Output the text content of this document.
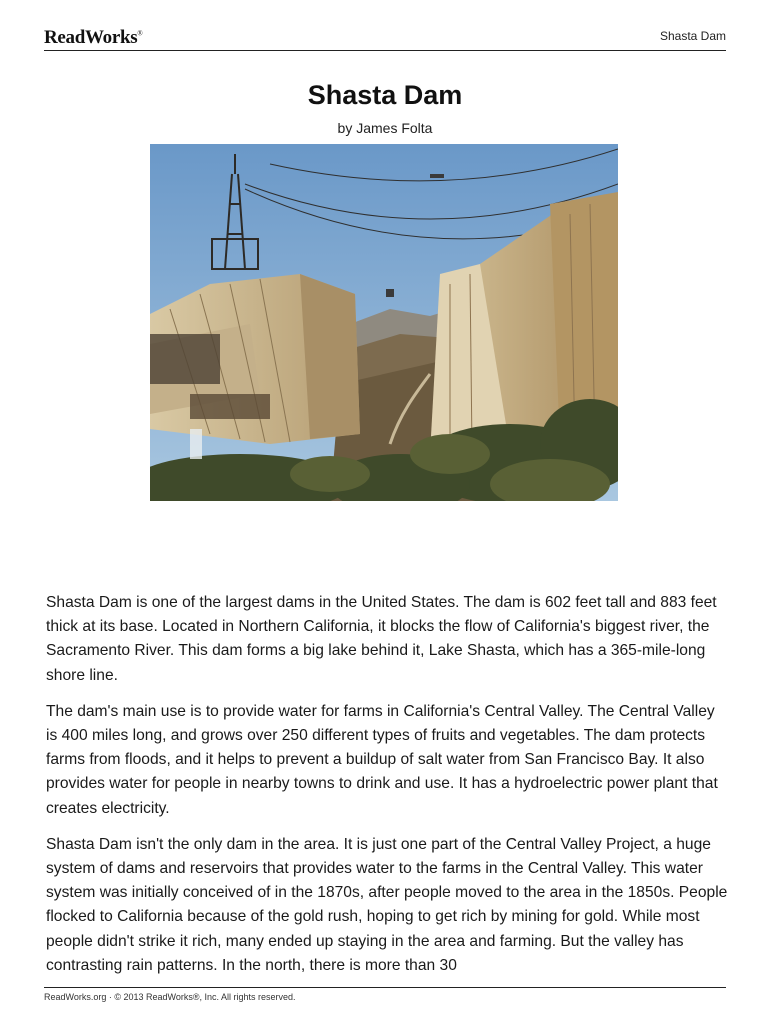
ReadWorks®	Shasta Dam
Shasta Dam
by James Folta

Shasta Dam is one of the largest dams in the United States. The dam is 602 feet tall and 883 feet thick at its base. Located in Northern California, it blocks the flow of California's biggest river, the Sacramento River. This dam forms a big lake behind it, Lake Shasta, which has a 365-mile-long shore line.

The dam's main use is to provide water for farms in California's Central Valley. The Central Valley is 400 miles long, and grows over 250 different types of fruits and vegetables. The dam protects farms from floods, and it helps to prevent a buildup of salt water from San Francisco Bay. It also provides water for people in nearby towns to drink and use. It has a hydroelectric power plant that creates electricity.

Shasta Dam isn't the only dam in the area. It is just one part of the Central Valley Project, a huge system of dams and reservoirs that provides water to the farms in the Central Valley. This water system was initially conceived of in the 1870s, after people moved to the area in the 1850s. People flocked to California because of the gold rush, hoping to get rich by mining for gold. While most people didn't strike it rich, many ended up staying in the area and farming. But the valley has contrasting rain patterns. In the north, there is more than 30

ReadWorks.org · © 2013 ReadWorks®, Inc. All rights reserved.
